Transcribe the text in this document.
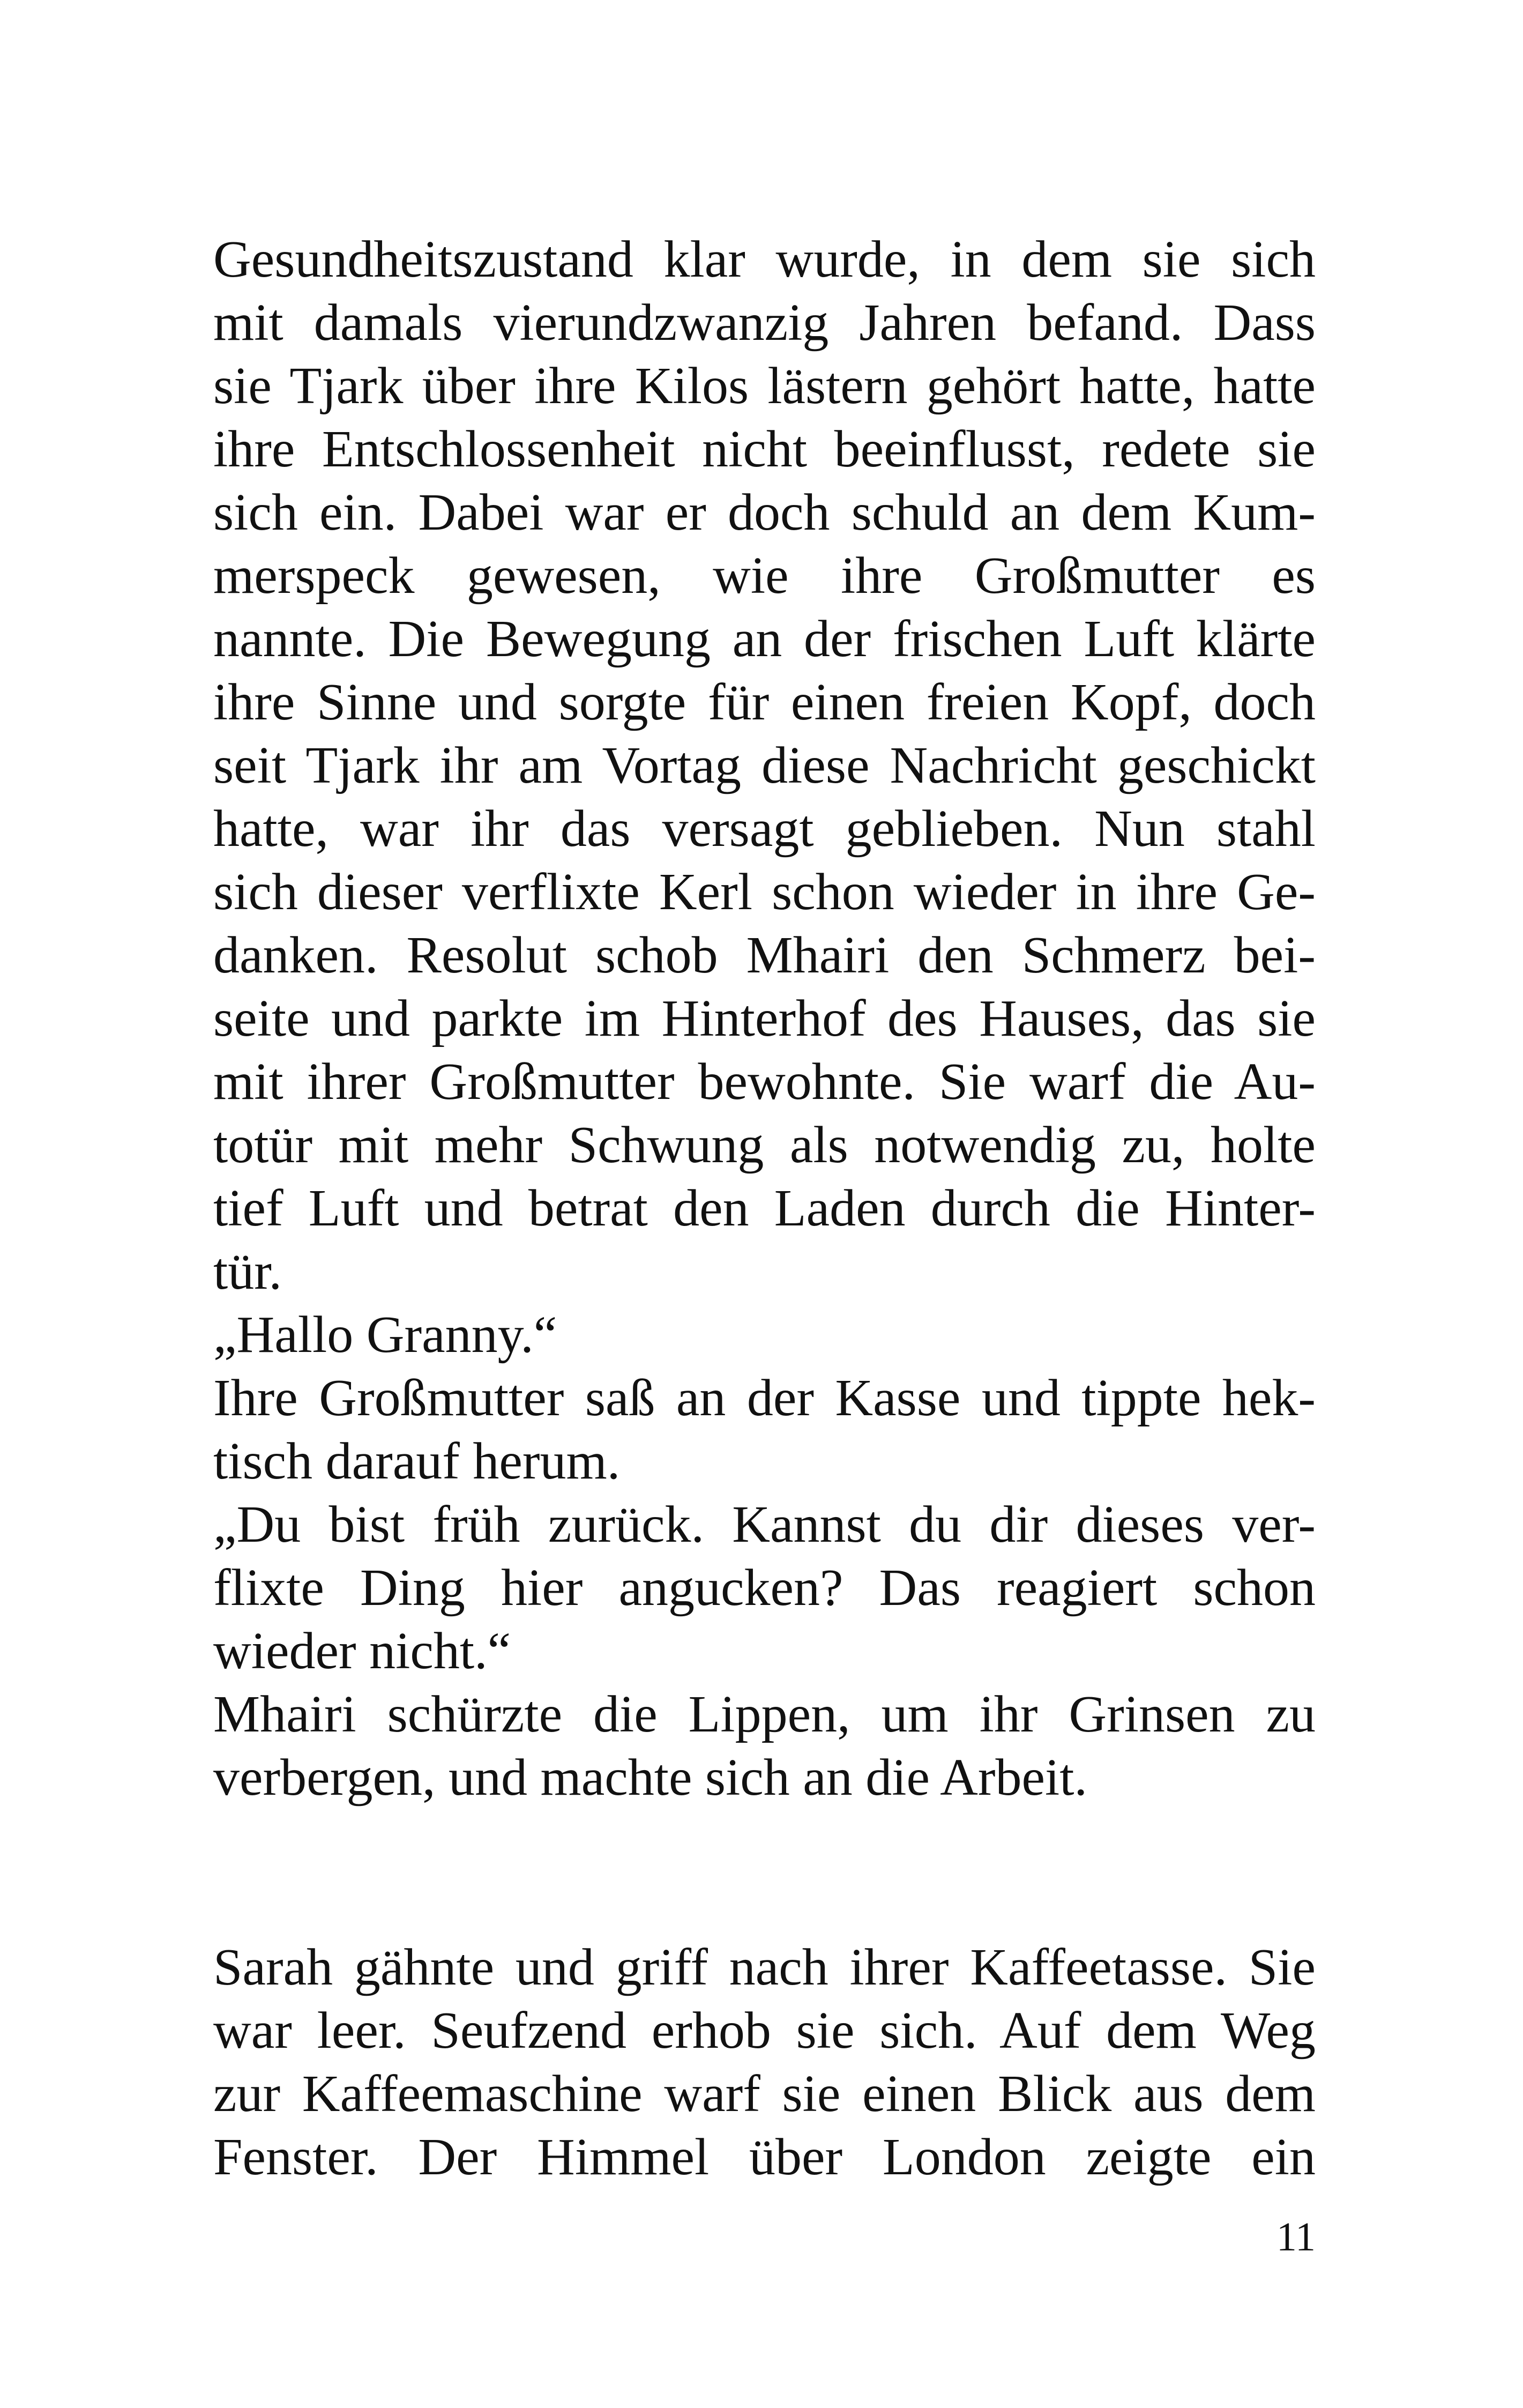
Gesundheitszustand klar wurde, in dem sie sich
mit damals vierundzwanzig Jahren befand. Dass
sie Tjark über ihre Kilos lästern gehört hatte, hatte
ihre Entschlossenheit nicht beeinflusst, redete sie
sich ein. Dabei war er doch schuld an dem Kum-
merspeck gewesen, wie ihre Großmutter es
nannte. Die Bewegung an der frischen Luft klärte
ihre Sinne und sorgte für einen freien Kopf, doch
seit Tjark ihr am Vortag diese Nachricht geschickt
hatte, war ihr das versagt geblieben. Nun stahl
sich dieser verflixte Kerl schon wieder in ihre Ge-
danken. Resolut schob Mhairi den Schmerz bei-
seite und parkte im Hinterhof des Hauses, das sie
mit ihrer Großmutter bewohnte. Sie warf die Au-
totür mit mehr Schwung als notwendig zu, holte
tief Luft und betrat den Laden durch die Hinter-
tür.
„Hallo Granny.“
Ihre Großmutter saß an der Kasse und tippte hek-
tisch darauf herum.
„Du bist früh zurück. Kannst du dir dieses ver-
flixte Ding hier angucken? Das reagiert schon
wieder nicht.“
Mhairi schürzte die Lippen, um ihr Grinsen zu
verbergen, und machte sich an die Arbeit.
Sarah gähnte und griff nach ihrer Kaffeetasse. Sie
war leer. Seufzend erhob sie sich. Auf dem Weg
zur Kaffeemaschine warf sie einen Blick aus dem
Fenster. Der Himmel über London zeigte ein
11
